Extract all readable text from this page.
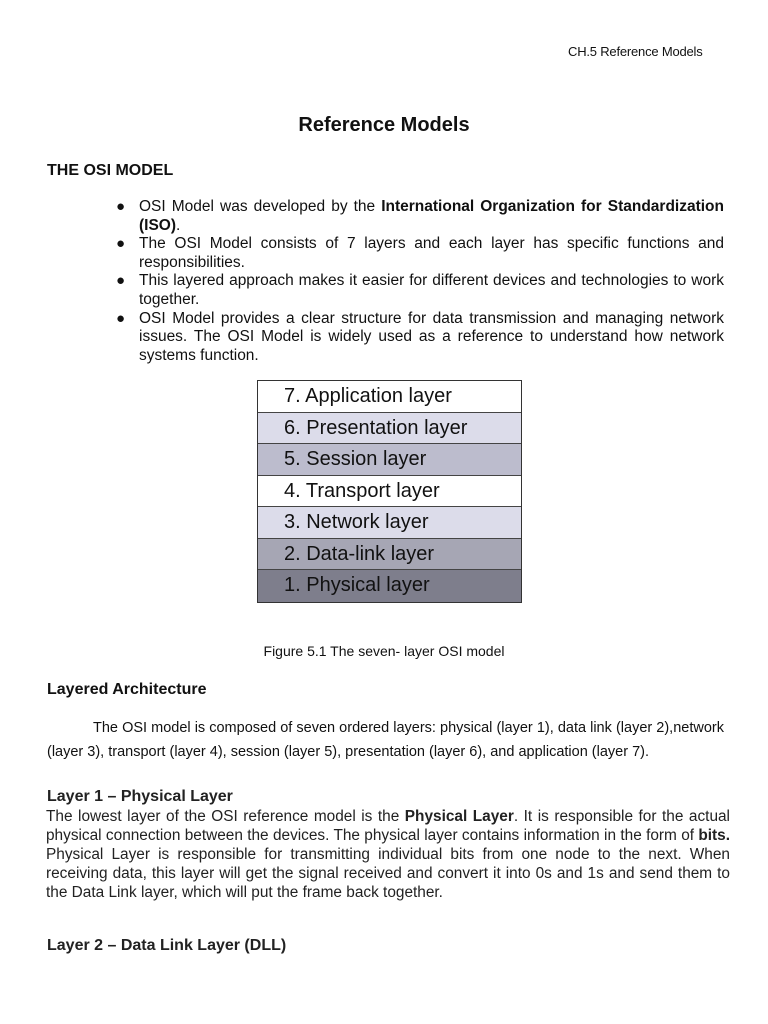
CH.5 Reference Models
Reference Models
THE OSI MODEL
● OSI Model was developed by the International Organization for Standardization (ISO).
● The OSI Model consists of 7 layers and each layer has specific functions and responsibilities.
● This layered approach makes it easier for different devices and technologies to work together.
● OSI Model provides a clear structure for data transmission and managing network issues. The OSI Model is widely used as a reference to understand how network systems function.
7. Application layer
6. Presentation layer
5. Session layer
4. Transport layer
3. Network layer
2. Data-link layer
1. Physical layer
Figure 5.1 The seven- layer OSI model
Layered Architecture

The OSI model is composed of seven ordered layers: physical (layer 1), data link (layer 2),network (layer 3), transport (layer 4), session (layer 5), presentation (layer 6), and application (layer 7).

Layer 1 – Physical Layer

The lowest layer of the OSI reference model is the Physical Layer. It is responsible for the actual physical connection between the devices. The physical layer contains information in the form of bits. Physical Layer is responsible for transmitting individual bits from one node to the next. When receiving data, this layer will get the signal received and convert it into 0s and 1s and send them to the Data Link layer, which will put the frame back together.

Layer 2 – Data Link Layer (DLL)
